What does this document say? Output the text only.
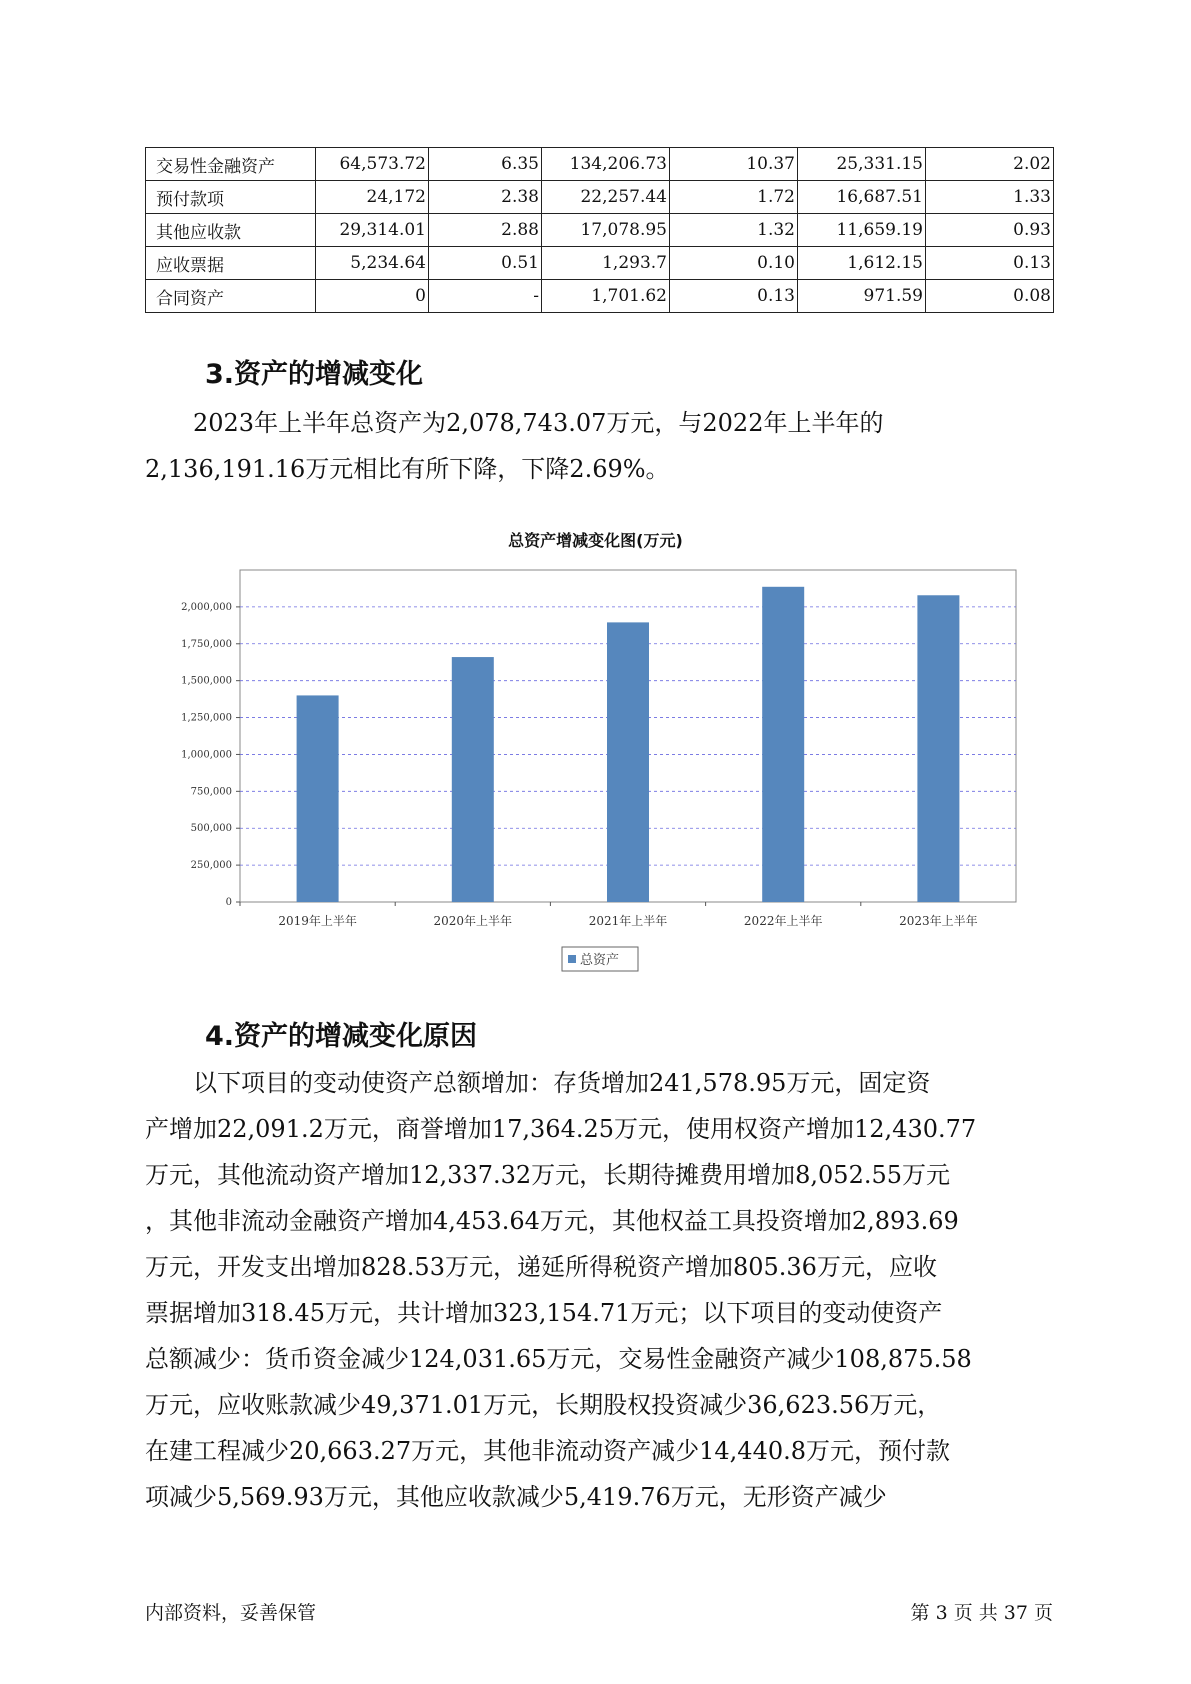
交易性金融资产	64,573.72	6.35	134,206.73	10.37	25,331.15	2.02
预付款项	24,172	2.38	22,257.44	1.72	16,687.51	1.33
其他应收款	29,314.01	2.88	17,078.95	1.32	11,659.19	0.93
应收票据	5,234.64	0.51	1,293.7	0.10	1,612.15	0.13
合同资产	0	-	1,701.62	0.13	971.59	0.08
3.资产的增减变化
2023年上半年总资产为2,078,743.07万元，与2022年上半年的
2,136,191.16万元相比有所下降，下降2.69%。
总资产增减变化图(万元)
0
250,000
500,000
750,000
1,000,000
1,250,000
1,500,000
1,750,000
2,000,000
2019年上半年	2020年上半年	2021年上半年	2022年上半年	2023年上半年
总资产
4.资产的增减变化原因
以下项目的变动使资产总额增加：存货增加241,578.95万元，固定资
产增加22,091.2万元，商誉增加17,364.25万元，使用权资产增加12,430.77
万元，其他流动资产增加12,337.32万元，长期待摊费用增加8,052.55万元
，其他非流动金融资产增加4,453.64万元，其他权益工具投资增加2,893.69
万元，开发支出增加828.53万元，递延所得税资产增加805.36万元，应收
票据增加318.45万元，共计增加323,154.71万元；以下项目的变动使资产
总额减少：货币资金减少124,031.65万元，交易性金融资产减少108,875.58
万元，应收账款减少49,371.01万元，长期股权投资减少36,623.56万元，
在建工程减少20,663.27万元，其他非流动资产减少14,440.8万元，预付款
项减少5,569.93万元，其他应收款减少5,419.76万元，无形资产减少
内部资料，妥善保管	第 3 页 共 37 页
